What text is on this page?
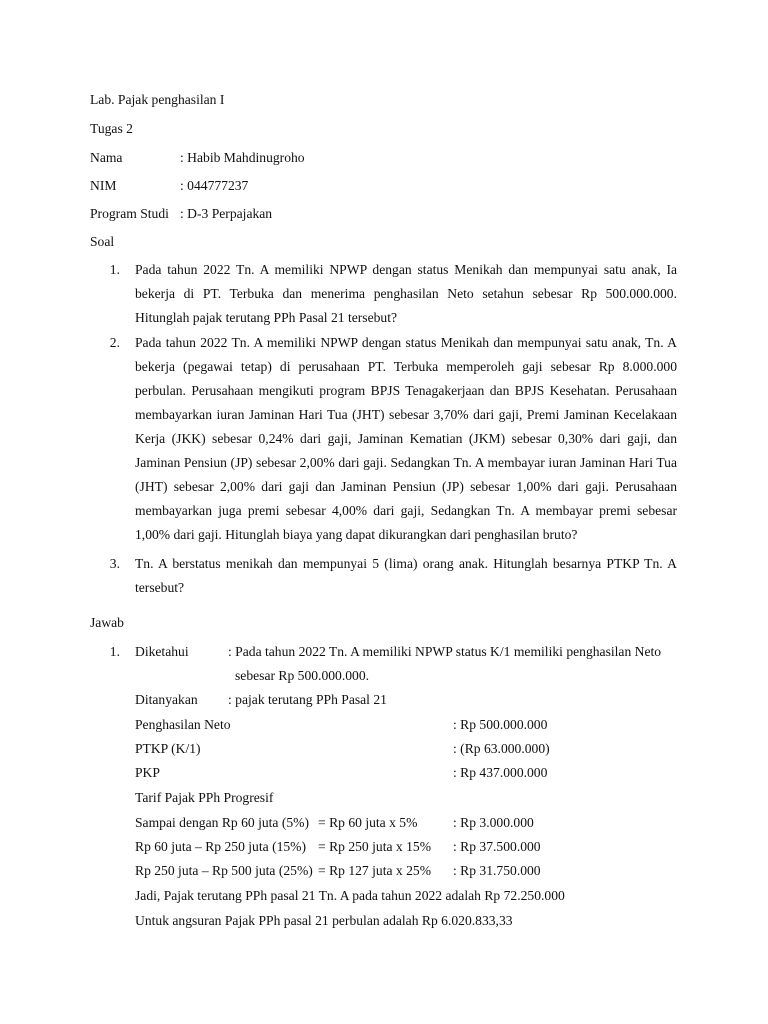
Lab. Pajak penghasilan I
Tugas 2
Nama	: Habib Mahdinugroho
NIM	: 044777237
Program Studi : D-3 Perpajakan
Soal
1. Pada tahun 2022 Tn. A memiliki NPWP dengan status Menikah dan mempunyai satu anak, Ia bekerja di PT. Terbuka dan menerima penghasilan Neto setahun sebesar Rp 500.000.000. Hitunglah pajak terutang PPh Pasal 21 tersebut?
2. Pada tahun 2022 Tn. A memiliki NPWP dengan status Menikah dan mempunyai satu anak, Tn. A bekerja (pegawai tetap) di perusahaan PT. Terbuka memperoleh gaji sebesar Rp 8.000.000 perbulan. Perusahaan mengikuti program BPJS Tenagakerjaan dan BPJS Kesehatan. Perusahaan membayarkan iuran Jaminan Hari Tua (JHT) sebesar 3,70% dari gaji, Premi Jaminan Kecelakaan Kerja (JKK) sebesar 0,24% dari gaji, Jaminan Kematian (JKM) sebesar 0,30% dari gaji, dan Jaminan Pensiun (JP) sebesar 2,00% dari gaji. Sedangkan Tn. A membayar iuran Jaminan Hari Tua (JHT) sebesar 2,00% dari gaji dan Jaminan Pensiun (JP) sebesar 1,00% dari gaji. Perusahaan membayarkan juga premi sebesar 4,00% dari gaji, Sedangkan Tn. A membayar premi sebesar 1,00% dari gaji. Hitunglah biaya yang dapat dikurangkan dari penghasilan bruto?
3. Tn. A berstatus menikah dan mempunyai 5 (lima) orang anak. Hitunglah besarnya PTKP Tn. A tersebut?
Jawab
1. Diketahui	: Pada tahun 2022 Tn. A memiliki NPWP status K/1 memiliki penghasilan Neto
sebesar Rp 500.000.000.
Ditanyakan : pajak terutang PPh Pasal 21
Penghasilan Neto	: Rp 500.000.000
PTKP (K/1)	: (Rp 63.000.000)
PKP	: Rp 437.000.000
Tarif Pajak PPh Progresif
Sampai dengan Rp 60 juta (5%) = Rp 60 juta x 5%	: Rp 3.000.000
Rp 60 juta – Rp 250 juta (15%) = Rp 250 juta x 15% : Rp 37.500.000
Rp 250 juta – Rp 500 juta (25%) = Rp 127 juta x 25% : Rp 31.750.000
Jadi, Pajak terutang PPh pasal 21 Tn. A pada tahun 2022 adalah Rp 72.250.000
Untuk angsuran Pajak PPh pasal 21 perbulan adalah Rp 6.020.833,33
